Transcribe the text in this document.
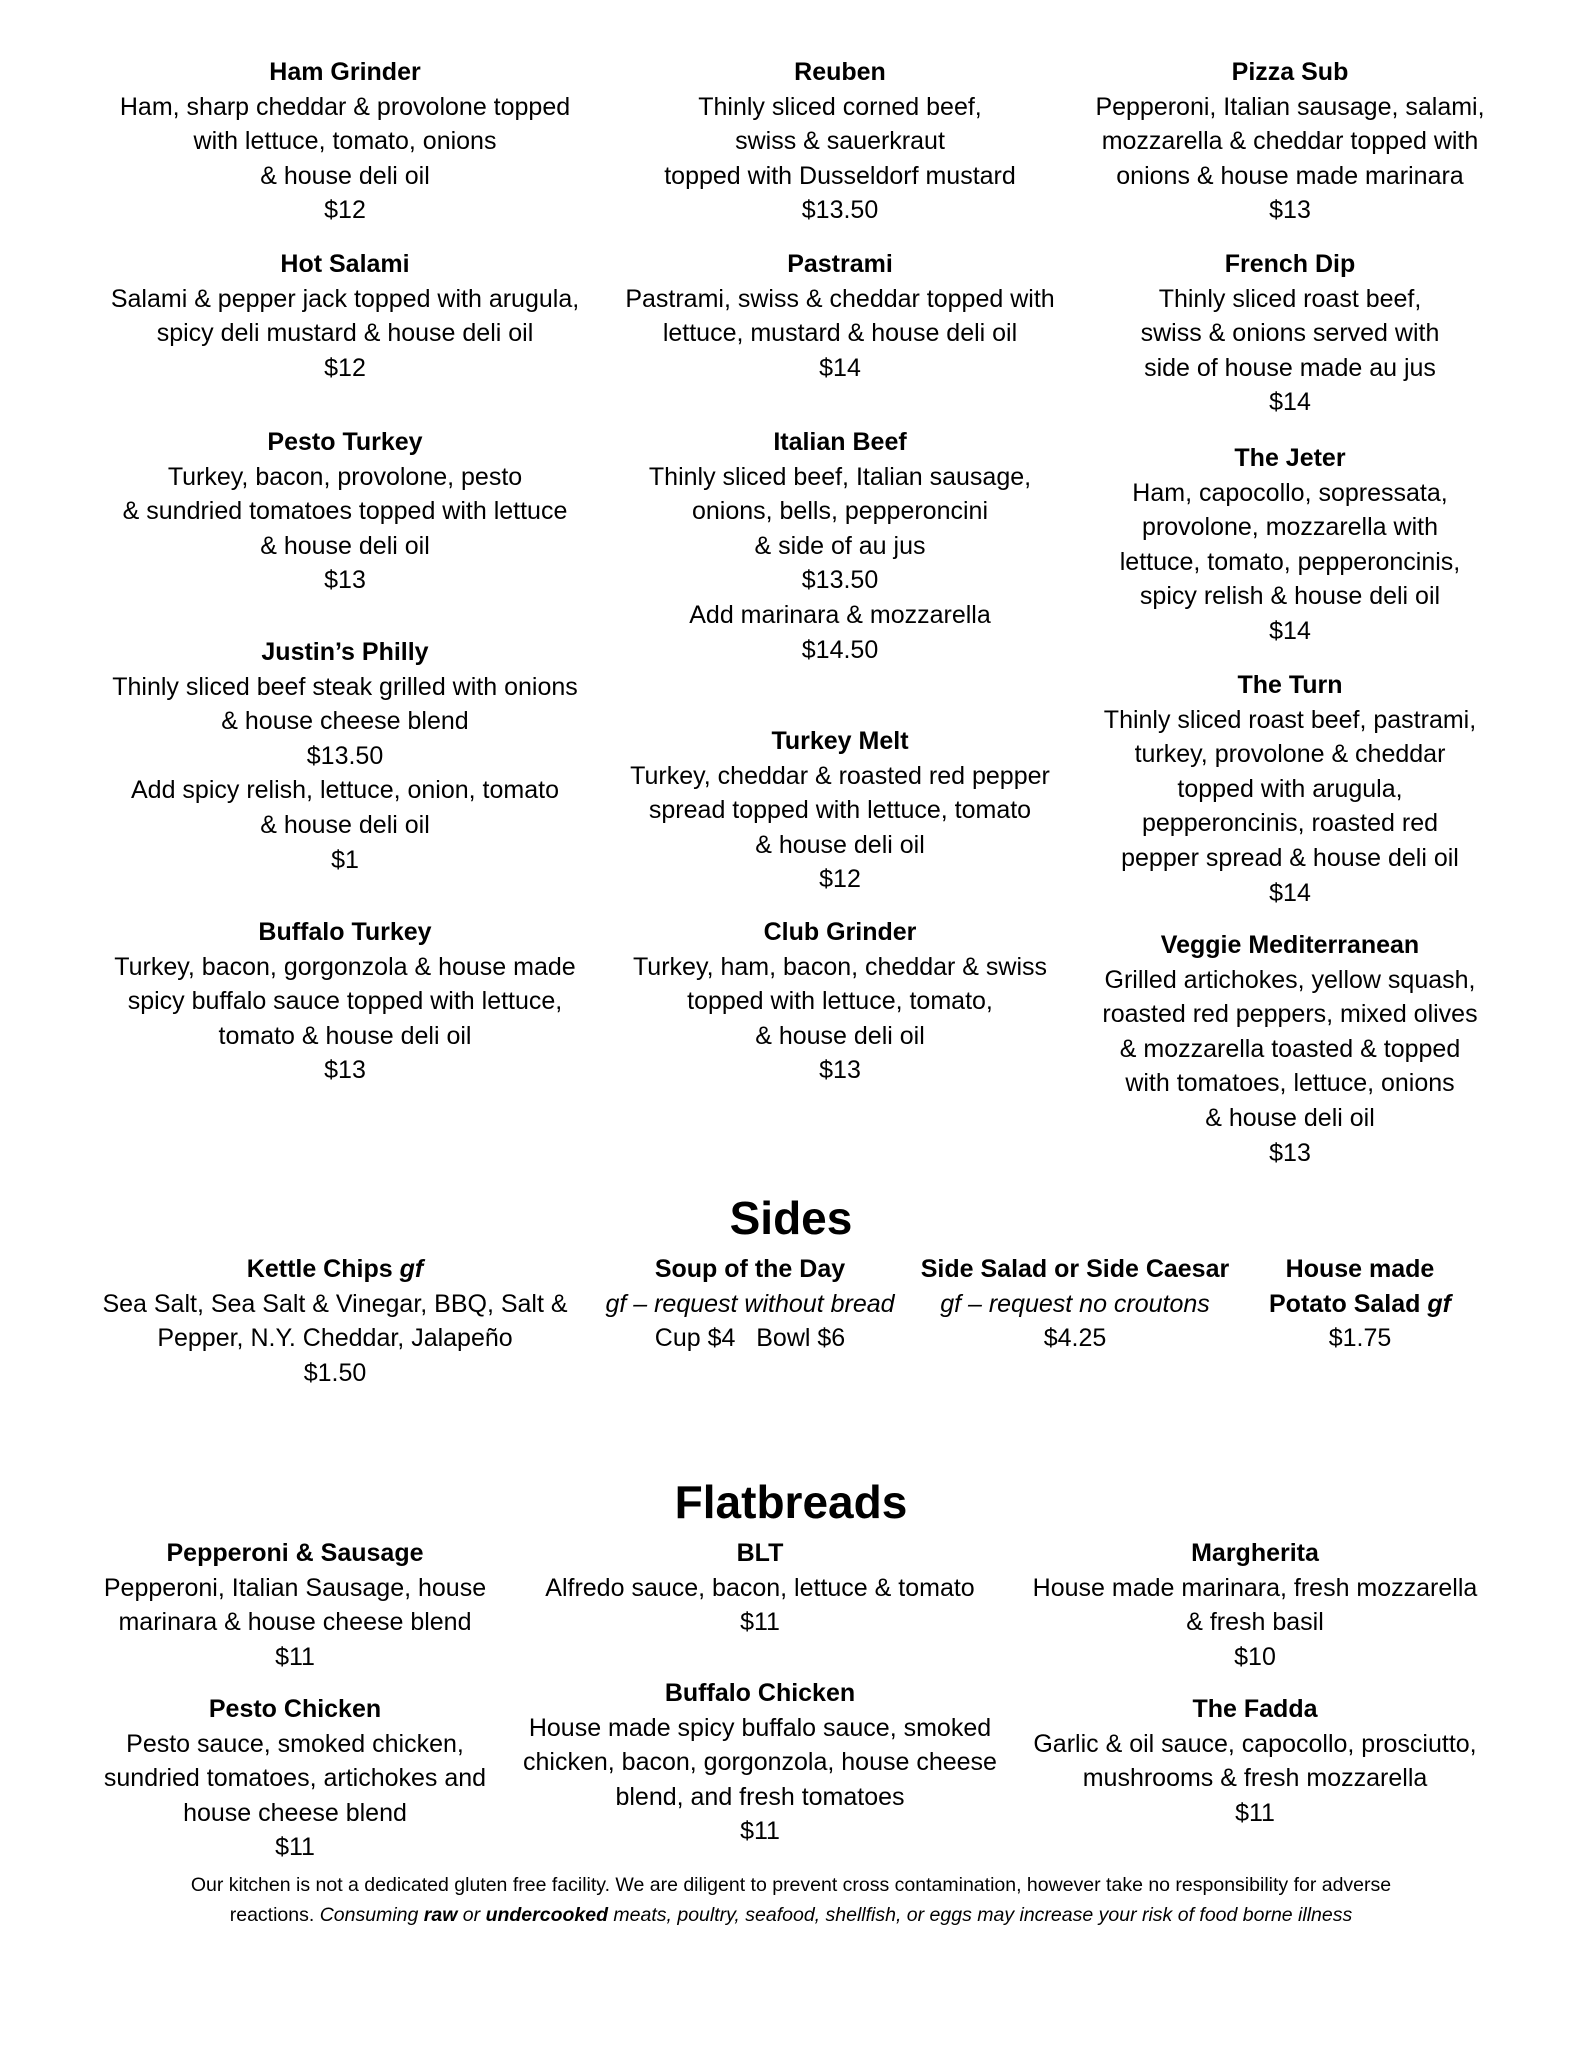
Ham Grinder
Ham, sharp cheddar & provolone topped
with lettuce, tomato, onions
& house deli oil
$12
Hot Salami
Salami & pepper jack topped with arugula,
spicy deli mustard & house deli oil
$12
Pesto Turkey
Turkey, bacon, provolone, pesto
& sundried tomatoes topped with lettuce
& house deli oil
$13
Justin’s Philly
Thinly sliced beef steak grilled with onions
& house cheese blend
$13.50
Add spicy relish, lettuce, onion, tomato
& house deli oil
$1
Buffalo Turkey
Turkey, bacon, gorgonzola & house made
spicy buffalo sauce topped with lettuce,
tomato & house deli oil
$13
Reuben
Thinly sliced corned beef,
swiss & sauerkraut
topped with Dusseldorf mustard
$13.50
Pastrami
Pastrami, swiss & cheddar topped with
lettuce, mustard & house deli oil
$14
Italian Beef
Thinly sliced beef, Italian sausage,
onions, bells, pepperoncini
& side of au jus
$13.50
Add marinara & mozzarella
$14.50
Turkey Melt
Turkey, cheddar & roasted red pepper
spread topped with lettuce, tomato
& house deli oil
$12
Club Grinder
Turkey, ham, bacon, cheddar & swiss
topped with lettuce, tomato,
& house deli oil
$13
Pizza Sub
Pepperoni, Italian sausage, salami,
mozzarella & cheddar topped with
onions & house made marinara
$13
French Dip
Thinly sliced roast beef,
swiss & onions served with
side of house made au jus
$14
The Jeter
Ham, capocollo, sopressata,
provolone, mozzarella with
lettuce, tomato, pepperoncinis,
spicy relish & house deli oil
$14
The Turn
Thinly sliced roast beef, pastrami,
turkey, provolone & cheddar
topped with arugula,
pepperoncinis, roasted red
pepper spread & house deli oil
$14
Veggie Mediterranean
Grilled artichokes, yellow squash,
roasted red peppers, mixed olives
& mozzarella toasted & topped
with tomatoes, lettuce, onions
& house deli oil
$13
Sides
Kettle Chips gf
Sea Salt, Sea Salt & Vinegar, BBQ, Salt &
Pepper, N.Y. Cheddar, Jalapeño
$1.50
Soup of the Day
gf – request without bread
Cup $4   Bowl $6
Side Salad or Side Caesar
gf – request no croutons
$4.25
House made
Potato Salad gf
$1.75
Flatbreads
Pepperoni & Sausage
Pepperoni, Italian Sausage, house
marinara & house cheese blend
$11
Pesto Chicken
Pesto sauce, smoked chicken,
sundried tomatoes, artichokes and
house cheese blend
$11
BLT
Alfredo sauce, bacon, lettuce & tomato
$11
Buffalo Chicken
House made spicy buffalo sauce, smoked
chicken, bacon, gorgonzola, house cheese
blend, and fresh tomatoes
$11
Margherita
House made marinara, fresh mozzarella
& fresh basil
$10
The Fadda
Garlic & oil sauce, capocollo, prosciutto,
mushrooms & fresh mozzarella
$11
Our kitchen is not a dedicated gluten free facility. We are diligent to prevent cross contamination, however take no responsibility for adverse
reactions. Consuming raw or undercooked meats, poultry, seafood, shellfish, or eggs may increase your risk of food borne illness
